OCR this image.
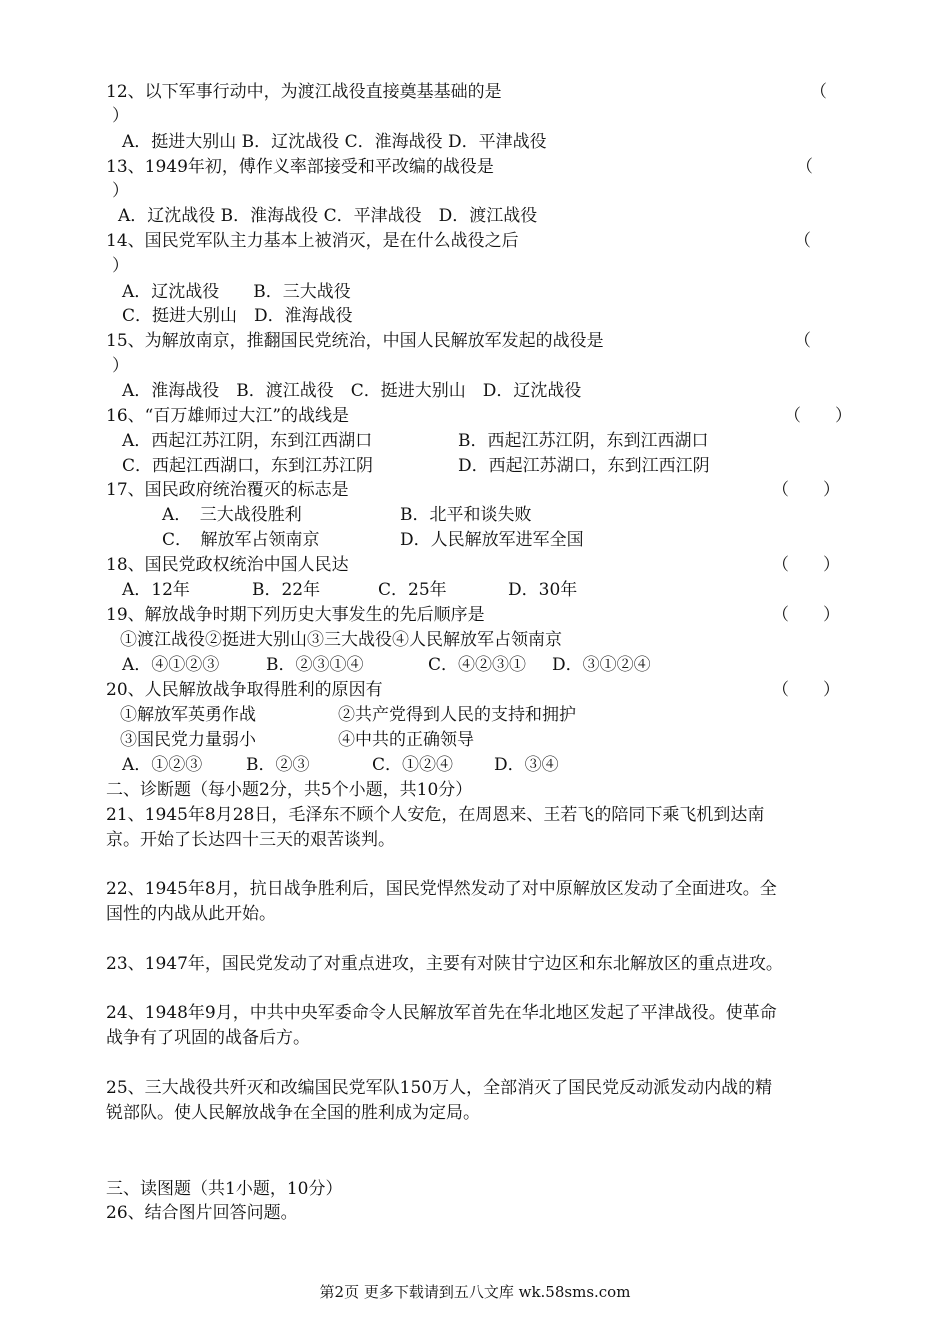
12、以下军事行动中，为渡江战役直接奠基基础的是	（
）
A．挺进大别山 B．辽沈战役 C．淮海战役 D．平津战役
13、1949年初，傅作义率部接受和平改编的战役是	（
）
A．辽沈战役 B．淮海战役 C．平津战役　D．渡江战役
14、国民党军队主力基本上被消灭，是在什么战役之后	（
）
A．辽沈战役　　B．三大战役
C．挺进大别山　D．淮海战役
15、为解放南京，推翻国民党统治，中国人民解放军发起的战役是	（
）
A．淮海战役　B．渡江战役　C．挺进大别山　D．辽沈战役
16、“百万雄师过大江”的战线是	（　　）
A．西起江苏江阴，东到江西湖口	B．西起江苏江阴，东到江西湖口
C．西起江西湖口，东到江苏江阴	D．西起江苏湖口，东到江西江阴
17、国民政府统治覆灭的标志是	（　　）
A．　三大战役胜利	B．北平和谈失败
C．　解放军占领南京	D．人民解放军进军全国
18、国民党政权统治中国人民达	（　　）
A．12年	B．22年	C．25年	D．30年
19、解放战争时期下列历史大事发生的先后顺序是	（　　）
①渡江战役②挺进大别山③三大战役④人民解放军占领南京
A．④①②③	B．②③①④	C．④②③① D．③①②④
20、人民解放战争取得胜利的原因有	（　　）
①解放军英勇作战	②共产党得到人民的支持和拥护
③国民党力量弱小	④中共的正确领导
A．①②③	B．②③	C．①②④ D．③④
二、诊断题（每小题2分，共5个小题，共10分）
21、1945年8月28日，毛泽东不顾个人安危，在周恩来、王若飞的陪同下乘飞机到达南
京。开始了长达四十三天的艰苦谈判。
22、1945年8月，抗日战争胜利后，国民党悍然发动了对中原解放区发动了全面进攻。全
国性的内战从此开始。
23、1947年，国民党发动了对重点进攻，主要有对陕甘宁边区和东北解放区的重点进攻。
24、1948年9月，中共中央军委命令人民解放军首先在华北地区发起了平津战役。使革命
战争有了巩固的战备后方。
25、三大战役共歼灭和改编国民党军队150万人，全部消灭了国民党反动派发动内战的精
锐部队。使人民解放战争在全国的胜利成为定局。
三、读图题（共1小题，10分）
26、结合图片回答问题。
第2页 更多下载请到五八文库 wk.58sms.com
